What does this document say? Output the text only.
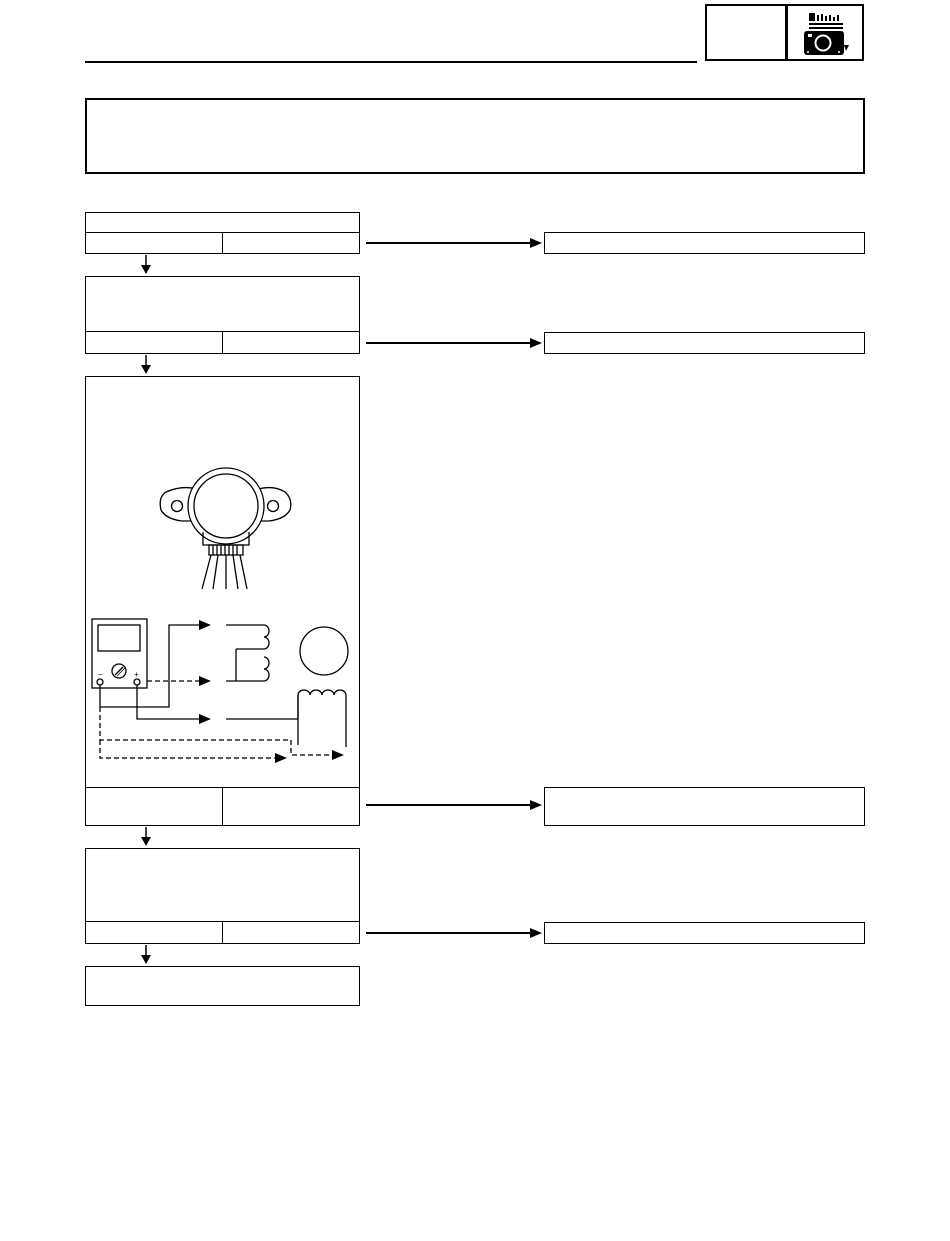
−	+
